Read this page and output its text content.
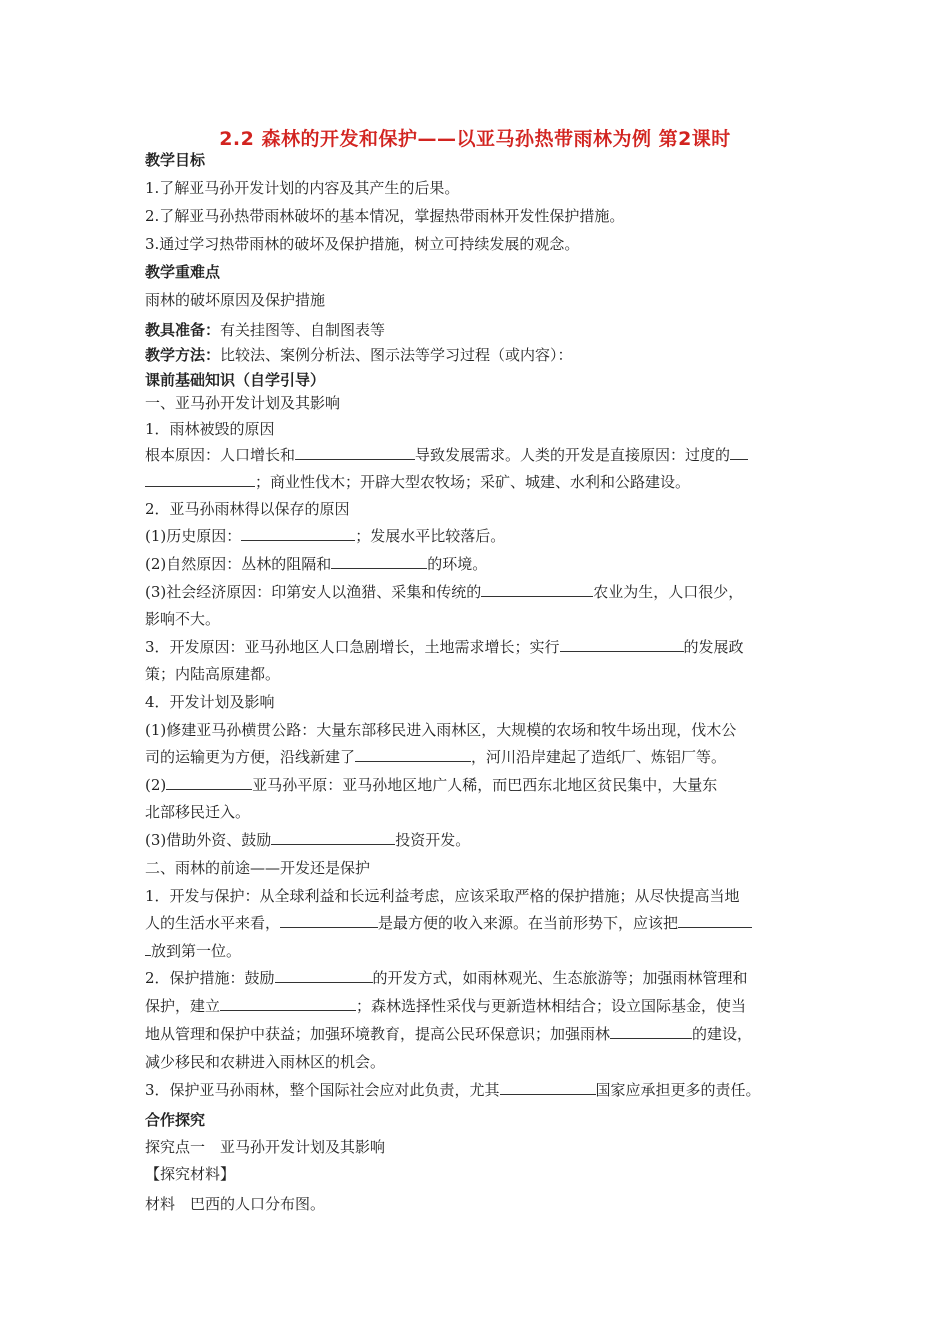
2.2 森林的开发和保护——以亚马孙热带雨林为例 第2课时
教学目标
1.了解亚马孙开发计划的内容及其产生的后果。
2.了解亚马孙热带雨林破坏的基本情况，掌握热带雨林开发性保护措施。
3.通过学习热带雨林的破坏及保护措施，树立可持续发展的观念。
教学重难点
雨林的破坏原因及保护措施
教具准备：有关挂图等、自制图表等
教学方法：比较法、案例分析法、图示法等学习过程（或内容）：
课前基础知识（自学引导）
一、亚马孙开发计划及其影响
1．雨林被毁的原因
根本原因：人口增长和	导致发展需求。人类的开发是直接原因：过度的
；商业性伐木；开辟大型农牧场；采矿、城建、水利和公路建设。
2．亚马孙雨林得以保存的原因
(1)历史原因：	；发展水平比较落后。
(2)自然原因：丛林的阻隔和	的环境。
(3)社会经济原因：印第安人以渔猎、采集和传统的	农业为生，人口很少，
影响不大。
3．开发原因：亚马孙地区人口急剧增长，土地需求增长；实行	的发展政
策；内陆高原建都。
4．开发计划及影响
(1)修建亚马孙横贯公路：大量东部移民进入雨林区，大规模的农场和牧牛场出现，伐木公
司的运输更为方便，沿线新建了	，河川沿岸建起了造纸厂、炼铝厂等。
(2)	亚马孙平原：亚马孙地区地广人稀，而巴西东北地区贫民集中，大量东
北部移民迁入。
(3)借助外资、鼓励	投资开发。
二、雨林的前途——开发还是保护
1．开发与保护：从全球利益和长远利益考虑，应该采取严格的保护措施；从尽快提高当地
人的生活水平来看，	是最方便的收入来源。在当前形势下，应该把
放到第一位。
2．保护措施：鼓励	的开发方式，如雨林观光、生态旅游等；加强雨林管理和
保护，建立	；森林选择性采伐与更新造林相结合；设立国际基金，使当
地从管理和保护中获益；加强环境教育，提高公民环保意识；加强雨林	的建设，
减少移民和农耕进入雨林区的机会。
3．保护亚马孙雨林，整个国际社会应对此负责，尤其	国家应承担更多的责任。
合作探究
探究点一　亚马孙开发计划及其影响
【探究材料】
材料　巴西的人口分布图。
